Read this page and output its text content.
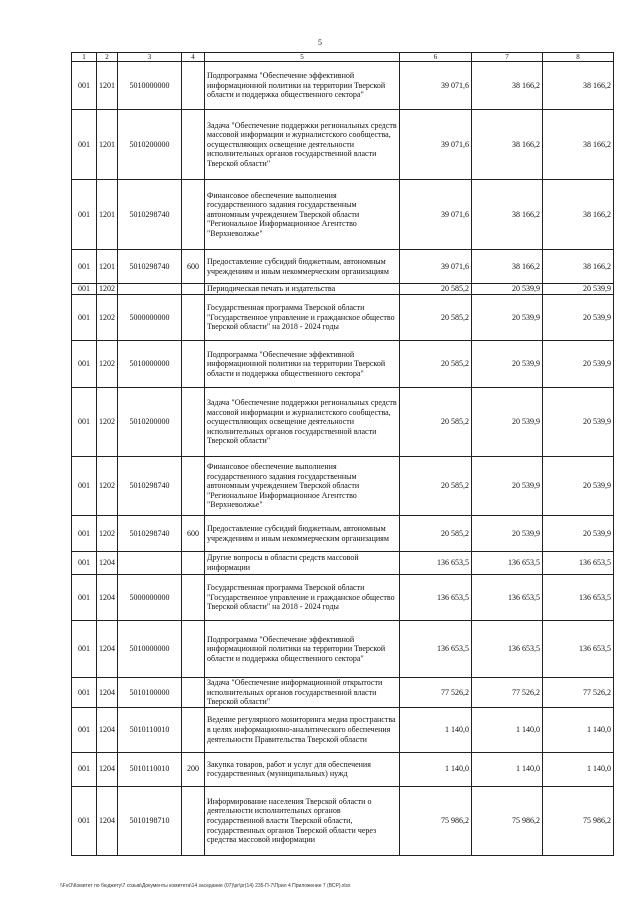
5
1	2	3	4	5	6	7	8
001	1201	5010000000		Подпрограмма "Обеспечение эффективной информационной политики на территории Тверской области и поддержка общественного сектора"	39 071,6	38 166,2	38 166,2
001	1201	5010200000		Задача "Обеспечение поддержки региональных средств массовой информации и журналистского сообщества, осуществляющих освещение деятельности исполнительных органов государственной власти Тверской области"	39 071,6	38 166,2	38 166,2
001	1201	5010298740		Финансовое обеспечение выполнения государственного задания государственным автономным учреждением Тверской области "Региональное Информационное Агентство "Верхневолжье"	39 071,6	38 166,2	38 166,2
001	1201	5010298740	600	Предоставление субсидий бюджетным, автономным учреждениям и иным некоммерческим организациям	39 071,6	38 166,2	38 166,2
001	1202			Периодическая печать и издательства	20 585,2	20 539,9	20 539,9
001	1202	5000000000		Государственная программа Тверской области "Государственное управление и гражданское общество Тверской области" на 2018 - 2024 годы	20 585,2	20 539,9	20 539,9
001	1202	5010000000		Подпрограмма "Обеспечение эффективной информационной политики на территории Тверской области и поддержка общественного сектора"	20 585,2	20 539,9	20 539,9
001	1202	5010200000		Задача "Обеспечение поддержки региональных средств массовой информации и журналистского сообщества, осуществляющих освещение деятельности исполнительных органов государственной власти Тверской области"	20 585,2	20 539,9	20 539,9
001	1202	5010298740		Финансовое обеспечение выполнения государственного задания государственным автономным учреждением Тверской области "Региональное Информационное Агентство "Верхневолжье"	20 585,2	20 539,9	20 539,9
001	1202	5010298740	600	Предоставление субсидий бюджетным, автономным учреждениям и иным некоммерческим организациям	20 585,2	20 539,9	20 539,9
001	1204			Другие вопросы в области средств массовой информации	136 653,5	136 653,5	136 653,5
001	1204	5000000000		Государственная программа Тверской области "Государственное управление и гражданское общество Тверской области" на 2018 - 2024 годы	136 653,5	136 653,5	136 653,5
001	1204	5010000000		Подпрограмма "Обеспечение эффективной информационной политики на территории Тверской области и поддержка общественного сектора"	136 653,5	136 653,5	136 653,5
001	1204	5010100000		Задача "Обеспечение информационной открытости исполнительных органов государственной власти Тверской области"	77 526,2	77 526,2	77 526,2
001	1204	5010110010		Ведение регулярного мониторинга медиа пространства в целях информационно-аналитического обеспечения деятельности Правительства Тверской области	1 140,0	1 140,0	1 140,0
001	1204	5010110010	200	Закупка товаров, работ и услуг для обеспечения государственных (муниципальных) нужд	1 140,0	1 140,0	1 140,0
001	1204	5010198710		Информирование населения Тверской области о деятельности исполнительных органов государственной власти Тверской области, государственных органов Тверской области через средства массовой информации	75 986,2	75 986,2	75 986,2
\\FsO\Комитет по бюджету\7 созыв\Документы комитета\14 заседание (07)\pr\pr(14) 235-П-7\Прил 4 Приложение 7 (ВСР).xlsx
